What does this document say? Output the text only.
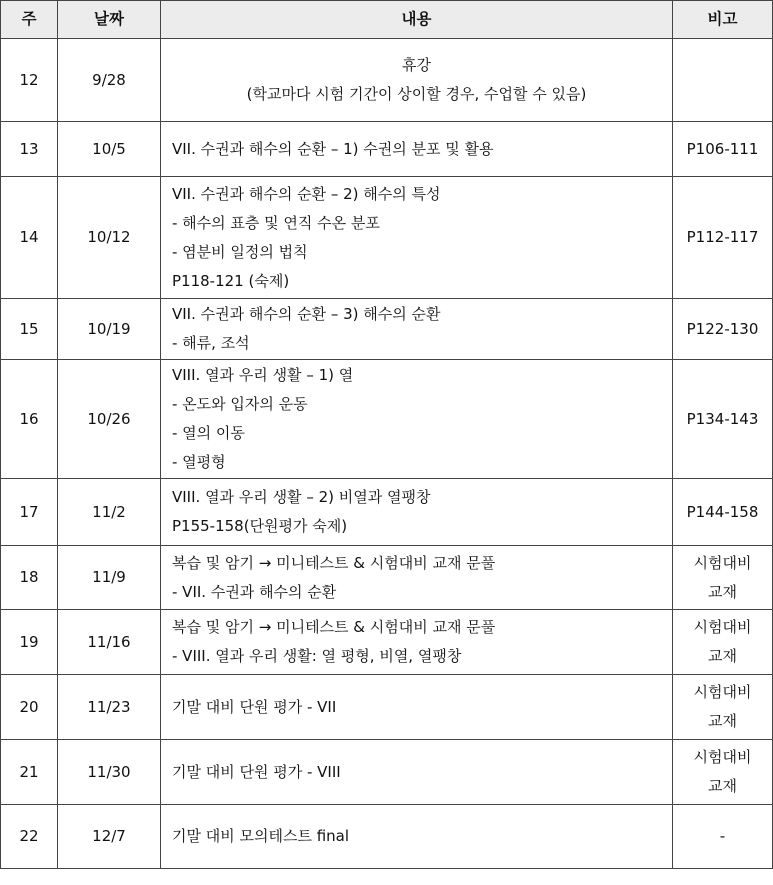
주	날짜	내용	비고
12	9/28	휴강
(학교마다 시험 기간이 상이할 경우, 수업할 수 있음)	

13	10/5	VII. 수권과 해수의 순환 – 1) 수권의 분포 및 활용	P106-111

14	10/12	VII. 수권과 해수의 순환 – 2) 해수의 특성
- 해수의 표층 및 연직 수온 분포
- 염분비 일정의 법칙
P118-121 (숙제)	P112-117

15	10/19	VII. 수권과 해수의 순환 – 3) 해수의 순환
- 해류, 조석	P122-130

16	10/26	VIII. 열과 우리 생활 – 1) 열
- 온도와 입자의 운동
- 열의 이동
- 열평형	P134-143

17	11/2	VIII. 열과 우리 생활 – 2) 비열과 열팽창
P155-158(단원평가 숙제)	P144-158

18	11/9	복습 및 암기 → 미니테스트 & 시험대비 교재 문풀
- VII. 수권과 해수의 순환	시험대비
교재

19	11/16	복습 및 암기 → 미니테스트 & 시험대비 교재 문풀
- VIII. 열과 우리 생활: 열 평형, 비열, 열팽창	시험대비
교재

20	11/23	기말 대비 단원 평가 - VII	시험대비
교재

21	11/30	기말 대비 단원 평가 - VIII	시험대비
교재

22	12/7	기말 대비 모의테스트 final	-
